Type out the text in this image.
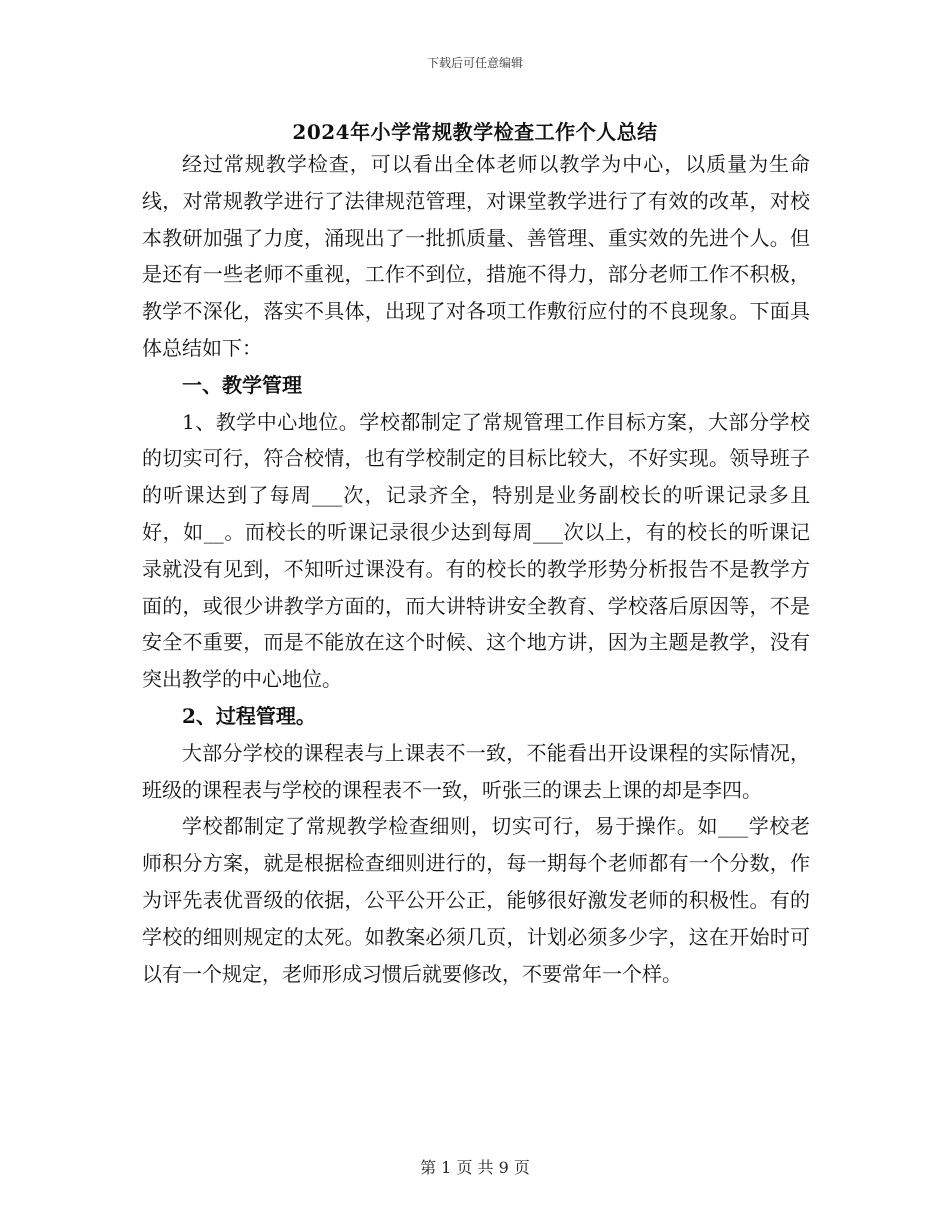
下载后可任意编辑
2024年小学常规教学检查工作个人总结

经过常规教学检查，可以看出全体老师以教学为中心，以质量为生命线，对常规教学进行了法律规范管理，对课堂教学进行了有效的改革，对校本教研加强了力度，涌现出了一批抓质量、善管理、重实效的先进个人。但是还有一些老师不重视，工作不到位，措施不得力，部分老师工作不积极，教学不深化，落实不具体，出现了对各项工作敷衍应付的不良现象。下面具体总结如下：

一、教学管理

1、教学中心地位。学校都制定了常规管理工作目标方案，大部分学校的切实可行，符合校情，也有学校制定的目标比较大，不好实现。领导班子的听课达到了每周___次，记录齐全，特别是业务副校长的听课记录多且好，如__。而校长的听课记录很少达到每周___次以上，有的校长的听课记录就没有见到，不知听过课没有。有的校长的教学形势分析报告不是教学方面的，或很少讲教学方面的，而大讲特讲安全教育、学校落后原因等，不是安全不重要，而是不能放在这个时候、这个地方讲，因为主题是教学，没有突出教学的中心地位。

2、过程管理。

大部分学校的课程表与上课表不一致，不能看出开设课程的实际情况，班级的课程表与学校的课程表不一致，听张三的课去上课的却是李四。

学校都制定了常规教学检查细则，切实可行，易于操作。如___学校老师积分方案，就是根据检查细则进行的，每一期每个老师都有一个分数，作为评先表优晋级的依据，公平公开公正，能够很好激发老师的积极性。有的学校的细则规定的太死。如教案必须几页，计划必须多少字，这在开始时可以有一个规定，老师形成习惯后就要修改，不要常年一个样。

第 1 页 共 9 页
